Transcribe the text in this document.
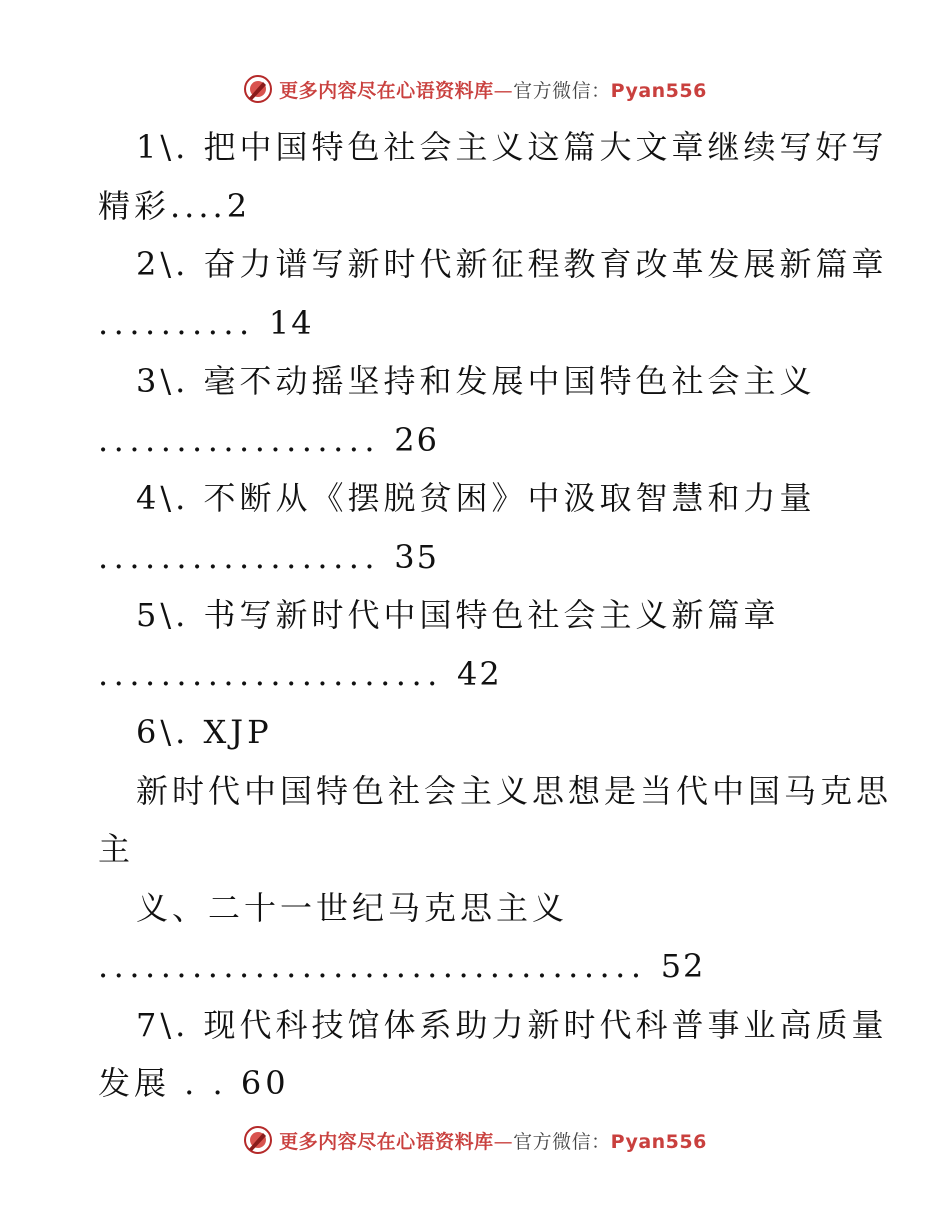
更多内容尽在心语资料库—官方微信：Pyan556
1\. 把中国特色社会主义这篇大文章继续写好写
精彩....2
2\. 奋力谱写新时代新征程教育改革发展新篇章
.......... 14
3\. 毫不动摇坚持和发展中国特色社会主义
.................. 26
4\. 不断从《摆脱贫困》中汲取智慧和力量
.................. 35
5\. 书写新时代中国特色社会主义新篇章
...................... 42
6\. XJP
新时代中国特色社会主义思想是当代中国马克思
主
义、二十一世纪马克思主义
................................... 52
7\. 现代科技馆体系助力新时代科普事业高质量
发展 . . 60
更多内容尽在心语资料库—官方微信：Pyan556
